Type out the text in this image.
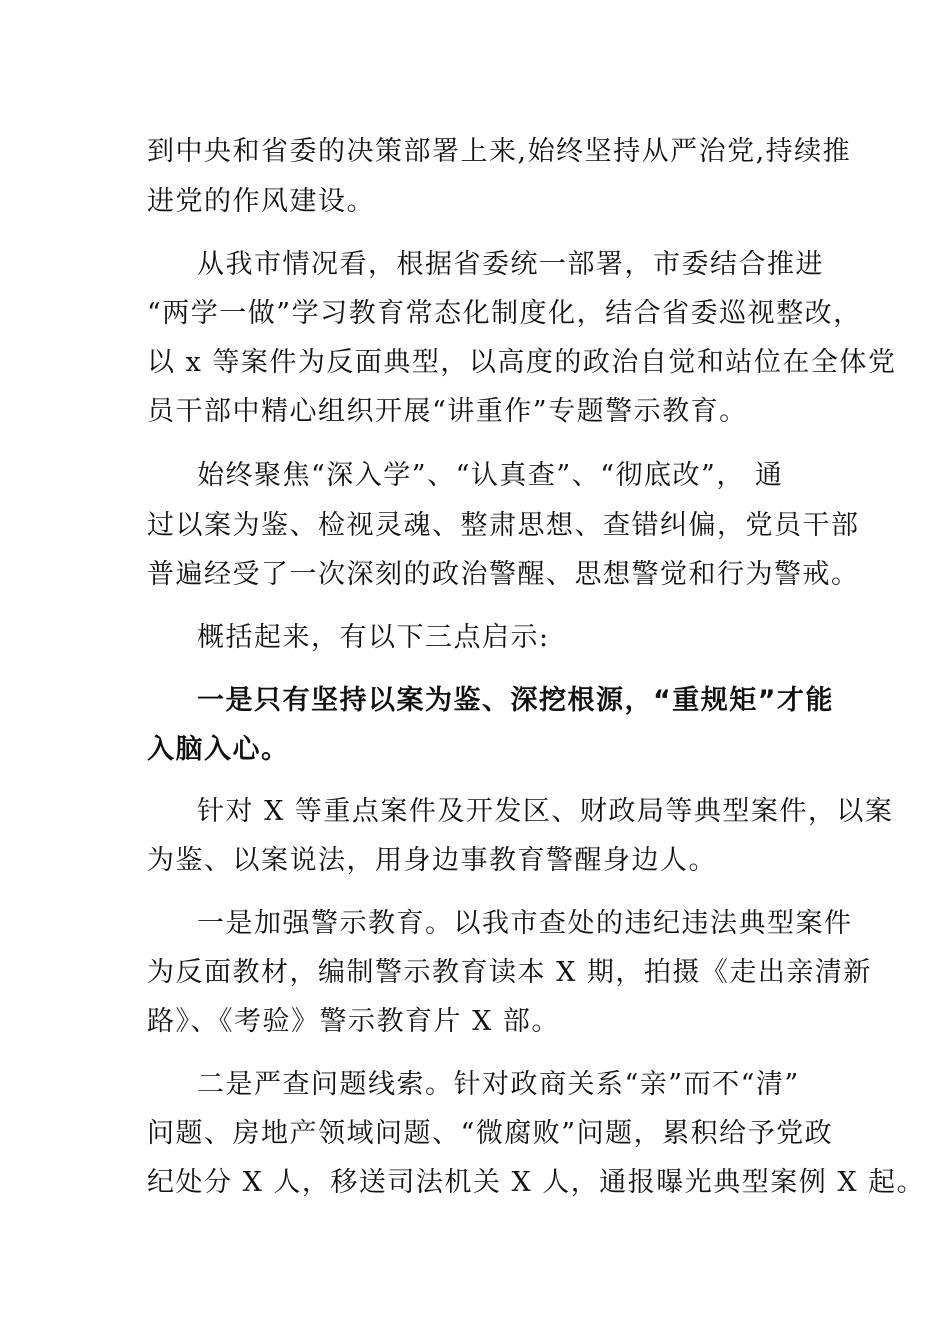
到中央和省委的决策部署上来,始终坚持从严治党,持续推
进党的作风建设。
从我市情况看，根据省委统一部署，市委结合推进
“两学一做”学习教育常态化制度化，结合省委巡视整改，
以 x 等案件为反面典型，以高度的政治自觉和站位在全体党
员干部中精心组织开展“讲重作”专题警示教育。
始终聚焦“深入学”、“认真查”、“彻底改”， 通
过以案为鉴、检视灵魂、整肃思想、查错纠偏，党员干部
普遍经受了一次深刻的政治警醒、思想警觉和行为警戒。
概括起来，有以下三点启示:
一是只有坚持以案为鉴、深挖根源，“重规矩”才能
入脑入心。
针对 X 等重点案件及开发区、财政局等典型案件，以案
为鉴、以案说法，用身边事教育警醒身边人。
一是加强警示教育。以我市查处的违纪违法典型案件
为反面教材，编制警示教育读本 X 期，拍摄《走出亲清新
路》、《考验》警示教育片 X 部。
二是严查问题线索。针对政商关系“亲”而不“清”
问题、房地产领域问题、“微腐败”问题，累积给予党政
纪处分 X 人，移送司法机关 X 人，通报曝光典型案例 X 起。
